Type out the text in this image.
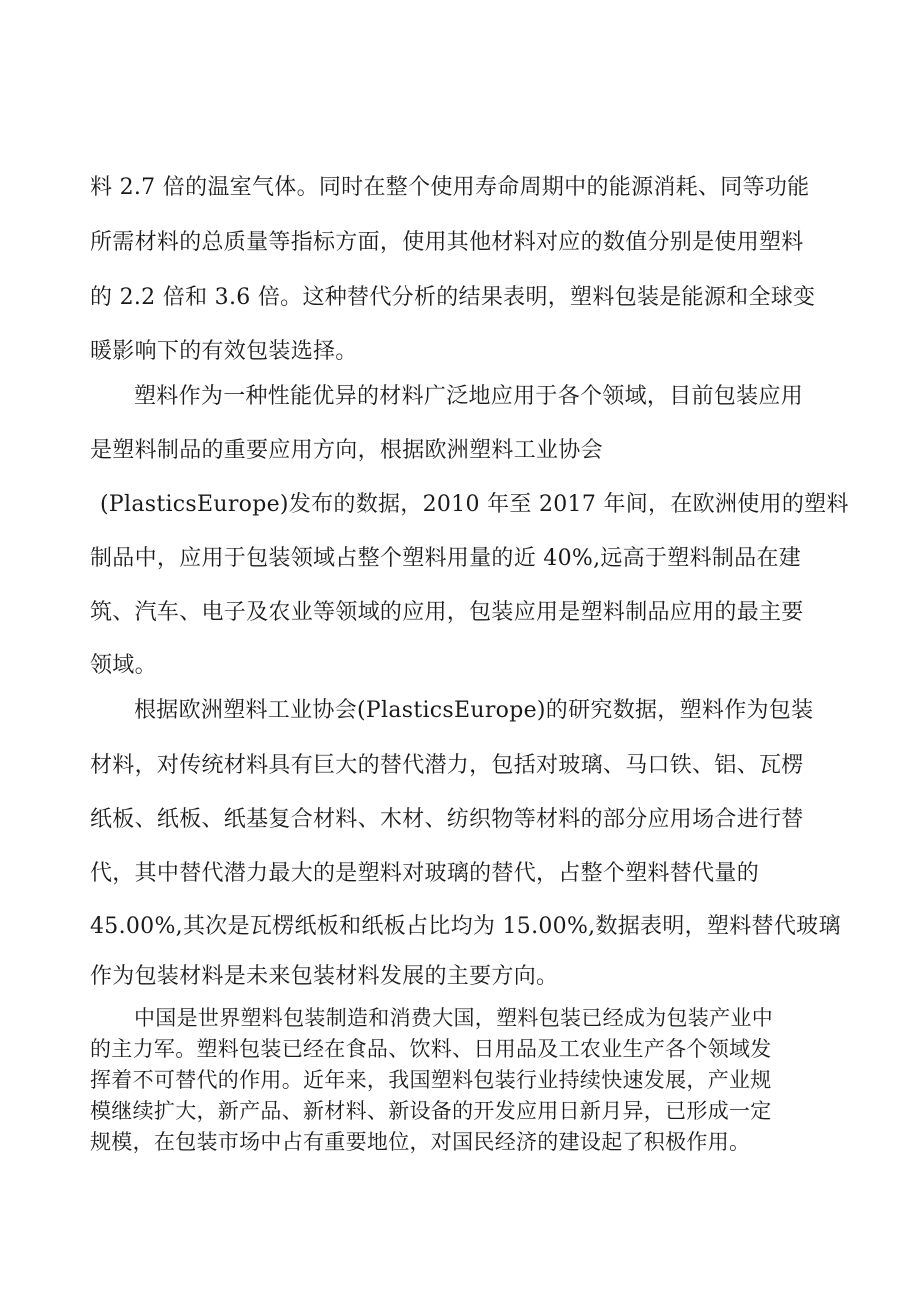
料 2.7 倍的温室气体。同时在整个使用寿命周期中的能源消耗、同等功能
所需材料的总质量等指标方面，使用其他材料对应的数值分别是使用塑料
的 2.2 倍和 3.6 倍。这种替代分析的结果表明，塑料包装是能源和全球变
暖影响下的有效包装选择。
塑料作为一种性能优异的材料广泛地应用于各个领域，目前包装应用
是塑料制品的重要应用方向，根据欧洲塑料工业协会
(PlasticsEurope)发布的数据，2010 年至 2017 年间，在欧洲使用的塑料
制品中，应用于包装领域占整个塑料用量的近 40%,远高于塑料制品在建
筑、汽车、电子及农业等领域的应用，包装应用是塑料制品应用的最主要
领域。
根据欧洲塑料工业协会(PlasticsEurope)的研究数据，塑料作为包装
材料，对传统材料具有巨大的替代潜力，包括对玻璃、马口铁、铝、瓦楞
纸板、纸板、纸基复合材料、木材、纺织物等材料的部分应用场合进行替
代，其中替代潜力最大的是塑料对玻璃的替代，占整个塑料替代量的
45.00%,其次是瓦楞纸板和纸板占比均为 15.00%,数据表明，塑料替代玻璃
作为包装材料是未来包装材料发展的主要方向。
中国是世界塑料包装制造和消费大国，塑料包装已经成为包装产业中
的主力军。塑料包装已经在食品、饮料、日用品及工农业生产各个领域发
挥着不可替代的作用。近年来，我国塑料包装行业持续快速发展，产业规
模继续扩大，新产品、新材料、新设备的开发应用日新月异，已形成一定
规模，在包装市场中占有重要地位，对国民经济的建设起了积极作用。
